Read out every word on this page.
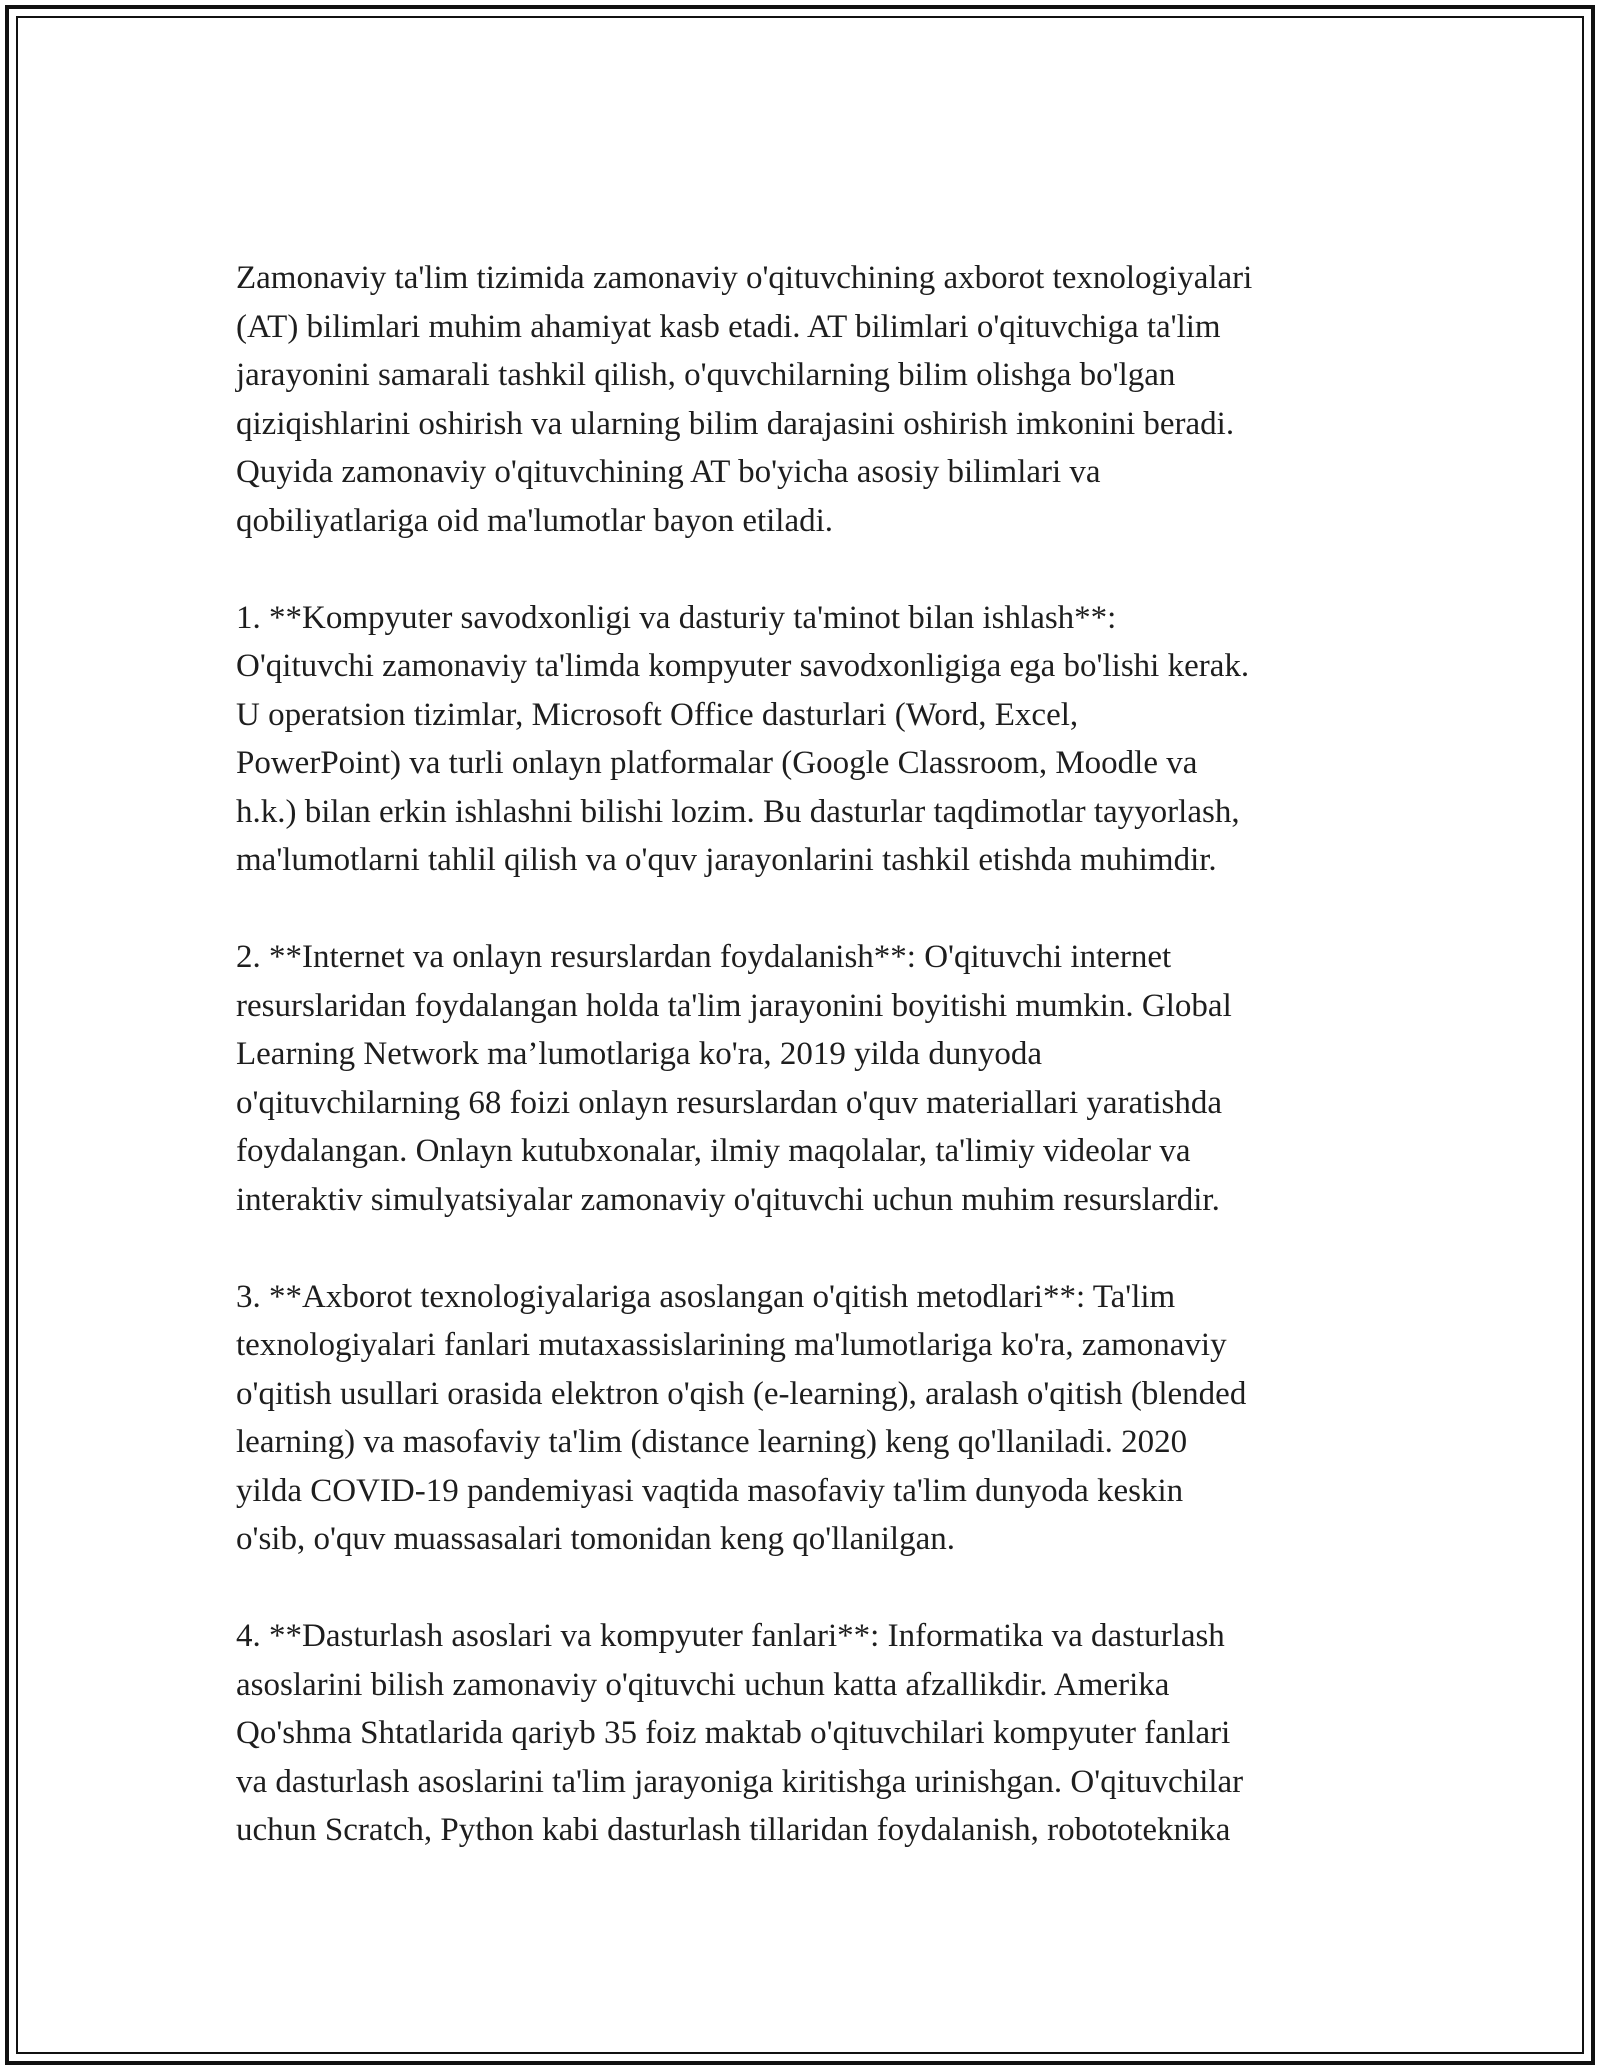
Zamonaviy ta'lim tizimida zamonaviy o'qituvchining axborot texnologiyalari
(AT) bilimlari muhim ahamiyat kasb etadi. AT bilimlari o'qituvchiga ta'lim
jarayonini samarali tashkil qilish, o'quvchilarning bilim olishga bo'lgan
qiziqishlarini oshirish va ularning bilim darajasini oshirish imkonini beradi.
Quyida zamonaviy o'qituvchining AT bo'yicha asosiy bilimlari va
qobiliyatlariga oid ma'lumotlar bayon etiladi.

1. **Kompyuter savodxonligi va dasturiy ta'minot bilan ishlash**:
O'qituvchi zamonaviy ta'limda kompyuter savodxonligiga ega bo'lishi kerak.
U operatsion tizimlar, Microsoft Office dasturlari (Word, Excel,
PowerPoint) va turli onlayn platformalar (Google Classroom, Moodle va
h.k.) bilan erkin ishlashni bilishi lozim. Bu dasturlar taqdimotlar tayyorlash,
ma'lumotlarni tahlil qilish va o'quv jarayonlarini tashkil etishda muhimdir.

2. **Internet va onlayn resurslardan foydalanish**: O'qituvchi internet
resurslaridan foydalangan holda ta'lim jarayonini boyitishi mumkin. Global
Learning Network ma’lumotlariga ko'ra, 2019 yilda dunyoda
o'qituvchilarning 68 foizi onlayn resurslardan o'quv materiallari yaratishda
foydalangan. Onlayn kutubxonalar, ilmiy maqolalar, ta'limiy videolar va
interaktiv simulyatsiyalar zamonaviy o'qituvchi uchun muhim resurslardir.

3. **Axborot texnologiyalariga asoslangan o'qitish metodlari**: Ta'lim
texnologiyalari fanlari mutaxassislarining ma'lumotlariga ko'ra, zamonaviy
o'qitish usullari orasida elektron o'qish (e-learning), aralash o'qitish (blended
learning) va masofaviy ta'lim (distance learning) keng qo'llaniladi. 2020
yilda COVID-19 pandemiyasi vaqtida masofaviy ta'lim dunyoda keskin
o'sib, o'quv muassasalari tomonidan keng qo'llanilgan.

4. **Dasturlash asoslari va kompyuter fanlari**: Informatika va dasturlash
asoslarini bilish zamonaviy o'qituvchi uchun katta afzallikdir. Amerika
Qo'shma Shtatlarida qariyb 35 foiz maktab o'qituvchilari kompyuter fanlari
va dasturlash asoslarini ta'lim jarayoniga kiritishga urinishgan. O'qituvchilar
uchun Scratch, Python kabi dasturlash tillaridan foydalanish, robototeknika
